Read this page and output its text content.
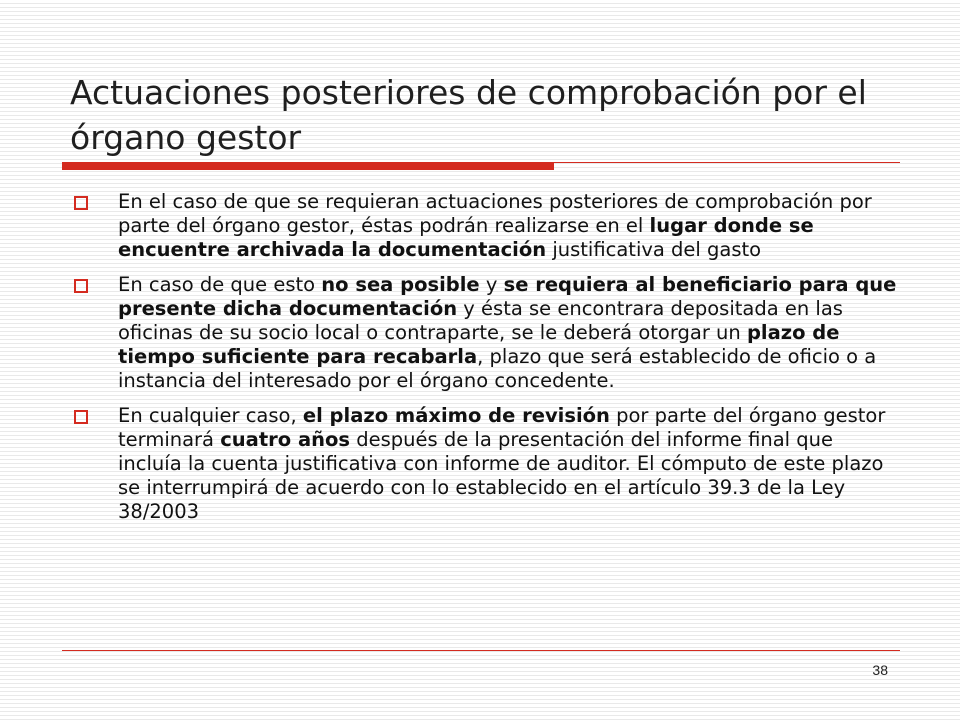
Actuaciones posteriores de comprobación por el órgano gestor
En el caso de que se requieran actuaciones posteriores de comprobación por parte del órgano gestor, éstas podrán realizarse en el lugar donde se encuentre archivada la documentación justificativa del gasto
En caso de que esto no sea posible y se requiera al beneficiario para que presente dicha documentación y ésta se encontrara depositada en las oficinas de su socio local o contraparte, se le deberá otorgar un plazo de tiempo suficiente para recabarla, plazo que será establecido de oficio o a instancia del interesado por el órgano concedente.
En cualquier caso, el plazo máximo de revisión por parte del órgano gestor terminará cuatro años después de la presentación del informe final que incluía la cuenta justificativa con informe de auditor. El cómputo de este plazo se interrumpirá de acuerdo con lo establecido en el artículo 39.3 de la Ley 38/2003
38
